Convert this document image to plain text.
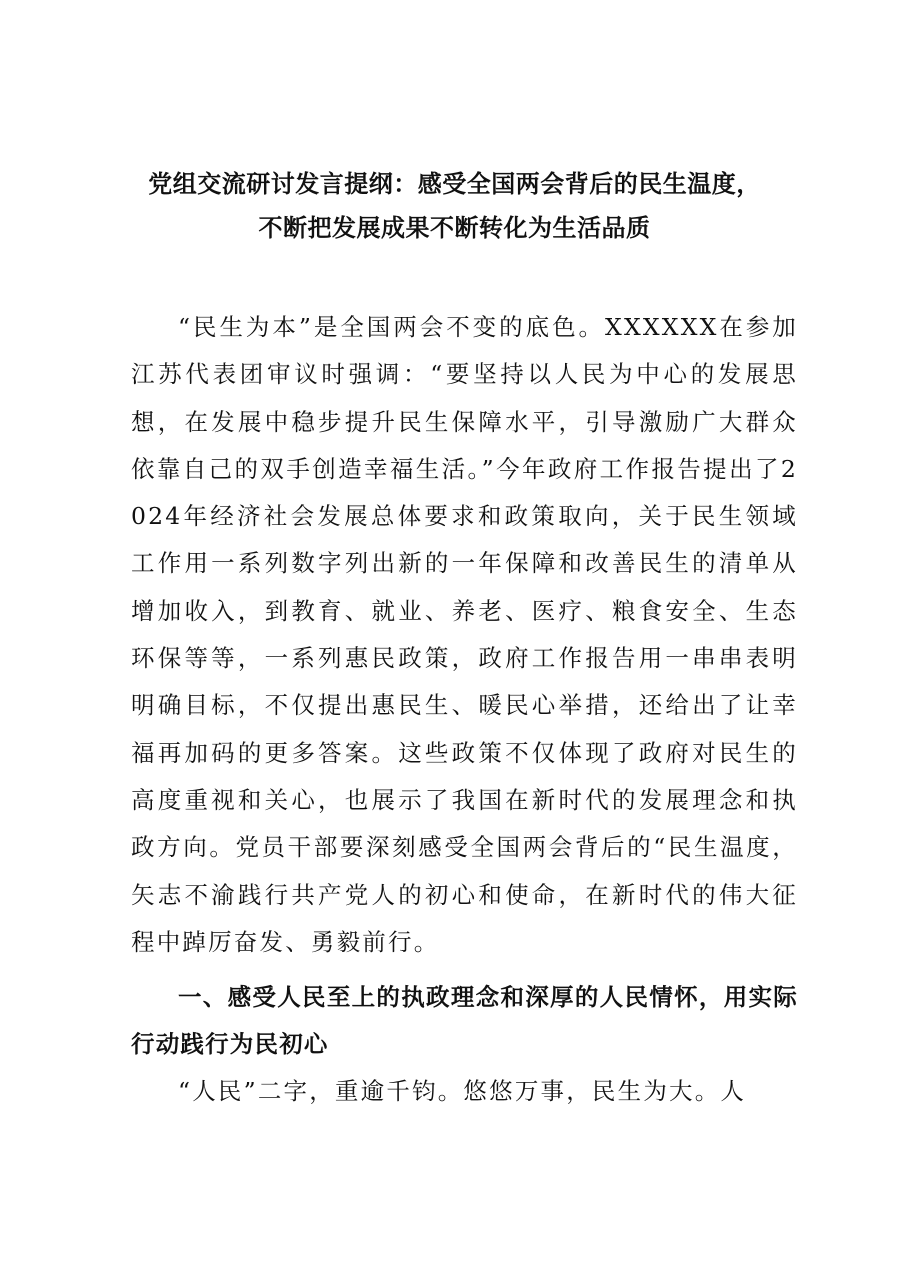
党组交流研讨发言提纲：感受全国两会背后的民生温度，
不断把发展成果不断转化为生活品质

“民生为本”是全国两会不变的底色。XXXXXX在参加江苏代表团审议时强调：“要坚持以人民为中心的发展思想，在发展中稳步提升民生保障水平，引导激励广大群众依靠自己的双手创造幸福生活。”今年政府工作报告提出了2024年经济社会发展总体要求和政策取向，关于民生领域工作用一系列数字列出新的一年保障和改善民生的清单从增加收入，到教育、就业、养老、医疗、粮食安全、生态环保等等，一系列惠民政策，政府工作报告用一串串表明明确目标，不仅提出惠民生、暖民心举措，还给出了让幸福再加码的更多答案。这些政策不仅体现了政府对民生的高度重视和关心，也展示了我国在新时代的发展理念和执政方向。党员干部要深刻感受全国两会背后的“民生温度，矢志不渝践行共产党人的初心和使命，在新时代的伟大征程中踔厉奋发、勇毅前行。

一、感受人民至上的执政理念和深厚的人民情怀，用实际行动践行为民初心

“人民”二字，重逾千钧。悠悠万事，民生为大。人
